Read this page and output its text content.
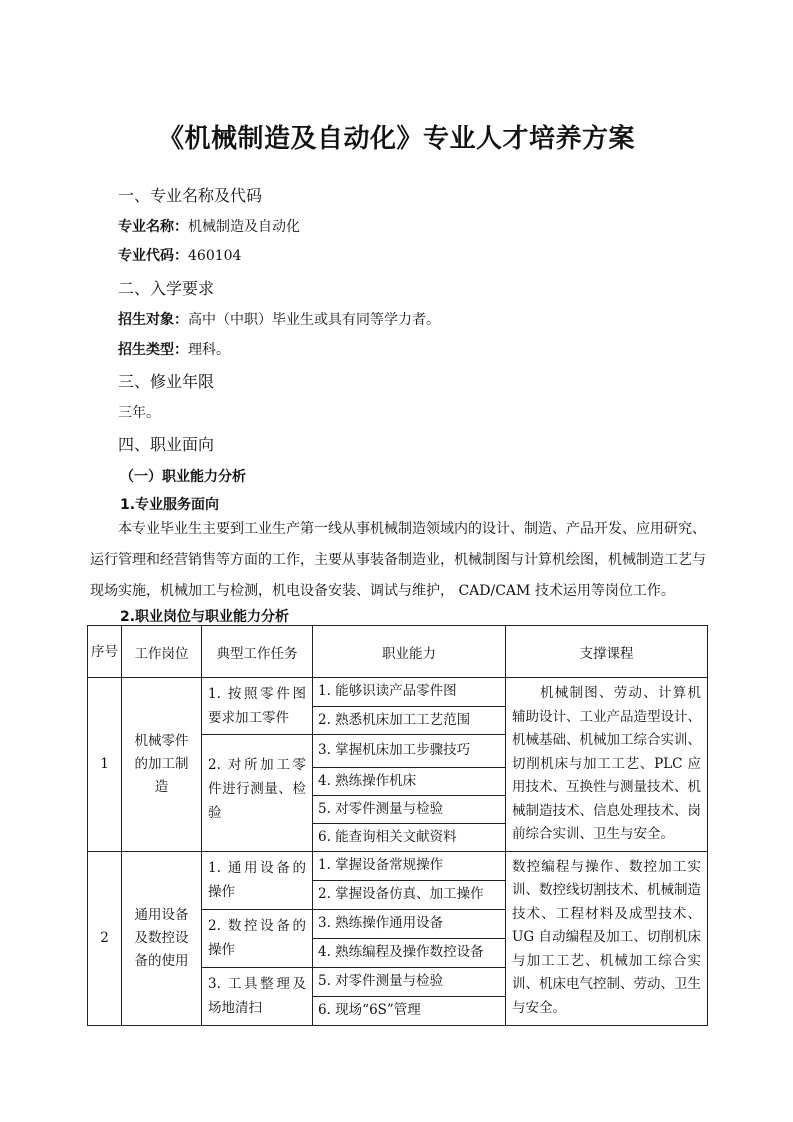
《机械制造及自动化》专业人才培养方案
一、专业名称及代码
专业名称：机械制造及自动化
专业代码：460104
二、入学要求
招生对象：高中（中职）毕业生或具有同等学力者。
招生类型：理科。
三、修业年限
三年。
四、职业面向
（一）职业能力分析
1.专业服务面向
本专业毕业生主要到工业生产第一线从事机械制造领域内的设计、制造、产品开发、应用研究、运行管理和经营销售等方面的工作，主要从事装备制造业，机械制图与计算机绘图，机械制造工艺与现场实施，机械加工与检测，机电设备安装、调试与维护， CAD/CAM 技术运用等岗位工作。
2.职业岗位与职业能力分析
序号	工作岗位	典型工作任务	职业能力	支撑课程
1	机械零件的加工制造	1. 按照零件图要求加工零件	1. 能够识读产品零件图	机械制图、劳动、计算机辅助设计、工业产品造型设计、机械基础、机械加工综合实训、切削机床与加工工艺、PLC 应用技术、互换性与测量技术、机械制造技术、信息处理技术、岗前综合实训、卫生与安全。
			2. 熟悉机床加工工艺范围	
		2. 对所加工零件进行测量、检验	3. 掌握机床加工步骤技巧	
			4. 熟练操作机床	
			5. 对零件测量与检验	
			6. 能查询相关文献资料	
2	通用设备及数控设备的使用	1. 通用设备的操作	1. 掌握设备常规操作	数控编程与操作、数控加工实训、数控线切割技术、机械制造技术、工程材料及成型技术、UG 自动编程及加工、切削机床与加工工艺、机械加工综合实训、机床电气控制、劳动、卫生与安全。
			2. 掌握设备仿真、加工操作	
		2. 数控设备的操作	3. 熟练操作通用设备	
			4. 熟练编程及操作数控设备	
		3. 工具整理及场地清扫	5. 对零件测量与检验	
			6. 现场“6S”管理	
